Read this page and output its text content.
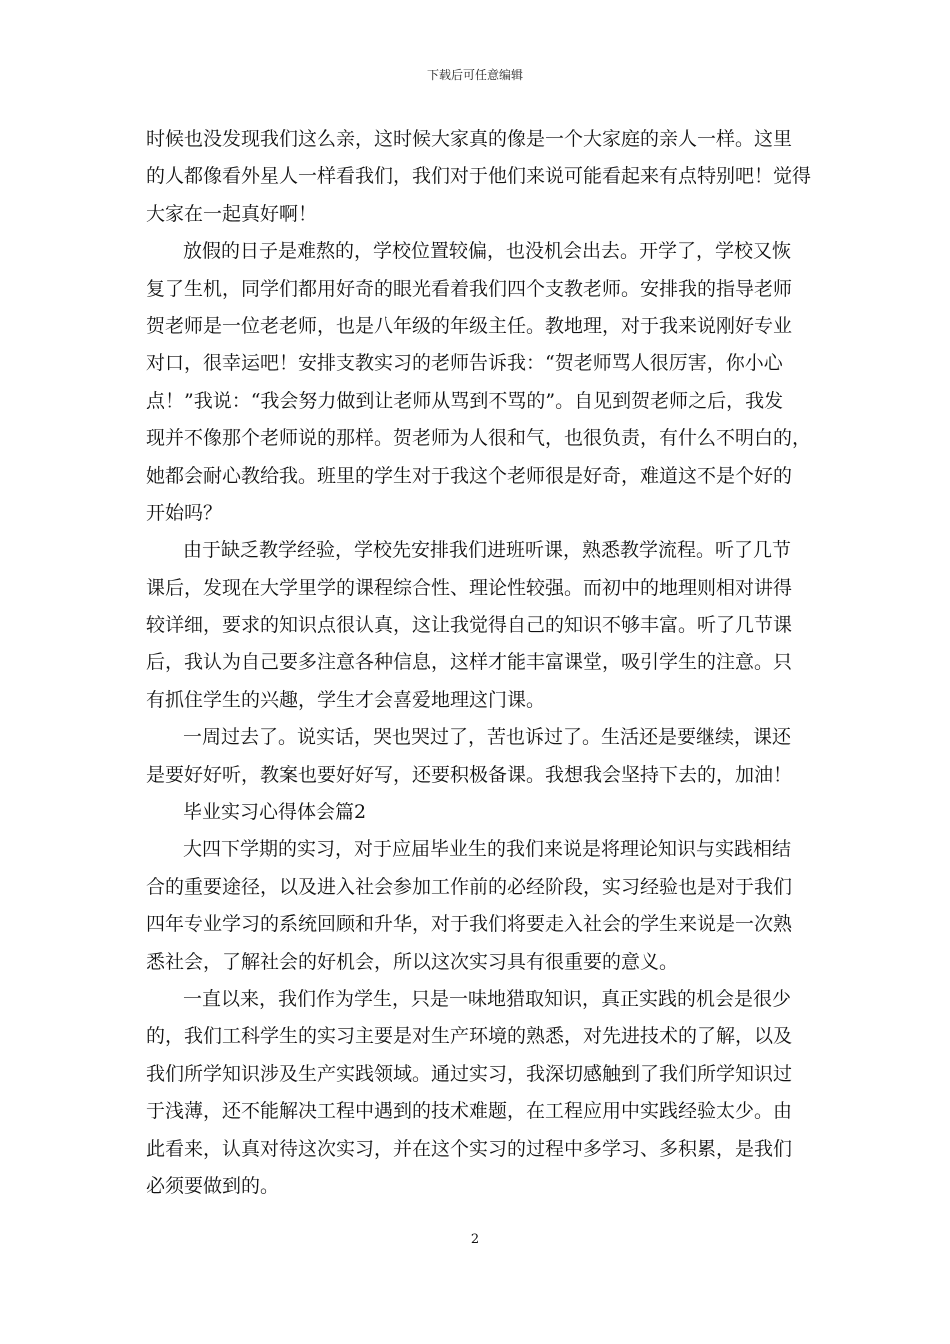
下载后可任意编辑
时候也没发现我们这么亲，这时候大家真的像是一个大家庭的亲人一样。这里
的人都像看外星人一样看我们，我们对于他们来说可能看起来有点特别吧！觉得
大家在一起真好啊！
放假的日子是难熬的，学校位置较偏，也没机会出去。开学了，学校又恢
复了生机，同学们都用好奇的眼光看着我们四个支教老师。安排我的指导老师
贺老师是一位老老师，也是八年级的年级主任。教地理，对于我来说刚好专业
对口，很幸运吧！安排支教实习的老师告诉我：“贺老师骂人很厉害，你小心
点！”我说：“我会努力做到让老师从骂到不骂的”。自见到贺老师之后，我发
现并不像那个老师说的那样。贺老师为人很和气，也很负责，有什么不明白的，
她都会耐心教给我。班里的学生对于我这个老师很是好奇，难道这不是个好的
开始吗？
由于缺乏教学经验，学校先安排我们进班听课，熟悉教学流程。听了几节
课后，发现在大学里学的课程综合性、理论性较强。而初中的地理则相对讲得
较详细，要求的知识点很认真，这让我觉得自己的知识不够丰富。听了几节课
后，我认为自己要多注意各种信息，这样才能丰富课堂，吸引学生的注意。只
有抓住学生的兴趣，学生才会喜爱地理这门课。
一周过去了。说实话，哭也哭过了，苦也诉过了。生活还是要继续，课还
是要好好听，教案也要好好写，还要积极备课。我想我会坚持下去的，加油！
毕业实习心得体会篇2
大四下学期的实习，对于应届毕业生的我们来说是将理论知识与实践相结
合的重要途径，以及进入社会参加工作前的必经阶段，实习经验也是对于我们
四年专业学习的系统回顾和升华，对于我们将要走入社会的学生来说是一次熟
悉社会，了解社会的好机会，所以这次实习具有很重要的意义。
一直以来，我们作为学生，只是一味地猎取知识，真正实践的机会是很少
的，我们工科学生的实习主要是对生产环境的熟悉，对先进技术的了解，以及
我们所学知识涉及生产实践领域。通过实习，我深切感触到了我们所学知识过
于浅薄，还不能解决工程中遇到的技术难题，在工程应用中实践经验太少。由
此看来，认真对待这次实习，并在这个实习的过程中多学习、多积累，是我们
必须要做到的。
2
